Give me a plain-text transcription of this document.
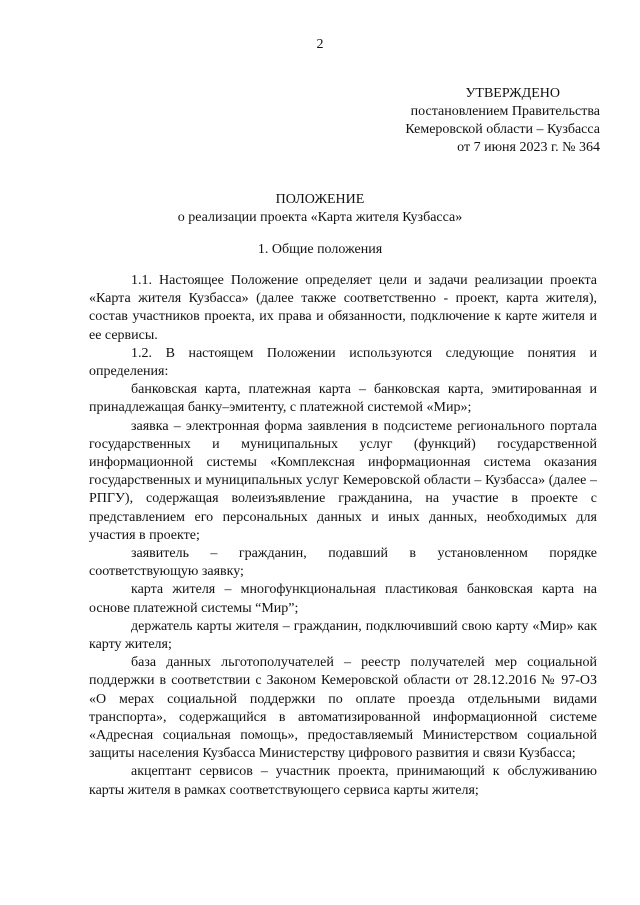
2
УТВЕРЖДЕНО
постановлением Правительства
Кемеровской области – Кузбасса
от 7 июня 2023 г. № 364
ПОЛОЖЕНИЕ
о реализации проекта «Карта жителя Кузбасса»
1. Общие положения

1.1. Настоящее Положение определяет цели и задачи реализации проекта «Карта жителя Кузбасса» (далее также соответственно - проект, карта жителя), состав участников проекта, их права и обязанности, подключение к карте жителя и ее сервисы.

1.2. В настоящем Положении используются следующие понятия и определения:

банковская карта, платежная карта – банковская карта, эмитированная и принадлежащая банку–эмитенту, с платежной системой «Мир»;

заявка – электронная форма заявления в подсистеме регионального портала государственных и муниципальных услуг (функций) государственной информационной системы «Комплексная информационная система оказания государственных и муниципальных услуг Кемеровской области – Кузбасса» (далее – РПГУ), содержащая волеизъявление гражданина, на участие в проекте с представлением его персональных данных и иных данных, необходимых для участия в проекте;

заявитель – гражданин, подавший в установленном порядке соответствующую заявку;

карта жителя – многофункциональная пластиковая банковская карта на основе платежной системы “Мир”;

держатель карты жителя – гражданин, подключивший свою карту «Мир» как карту жителя;

база данных льготополучателей – реестр получателей мер социальной поддержки в соответствии с Законом Кемеровской области от 28.12.2016 № 97-ОЗ «О мерах социальной поддержки по оплате проезда отдельными видами транспорта», содержащийся в автоматизированной информационной системе «Адресная социальная помощь», предоставляемый Министерством социальной защиты населения Кузбасса Министерству цифрового развития и связи Кузбасса;

акцептант сервисов – участник проекта, принимающий к обслуживанию карты жителя в рамках соответствующего сервиса карты жителя;
